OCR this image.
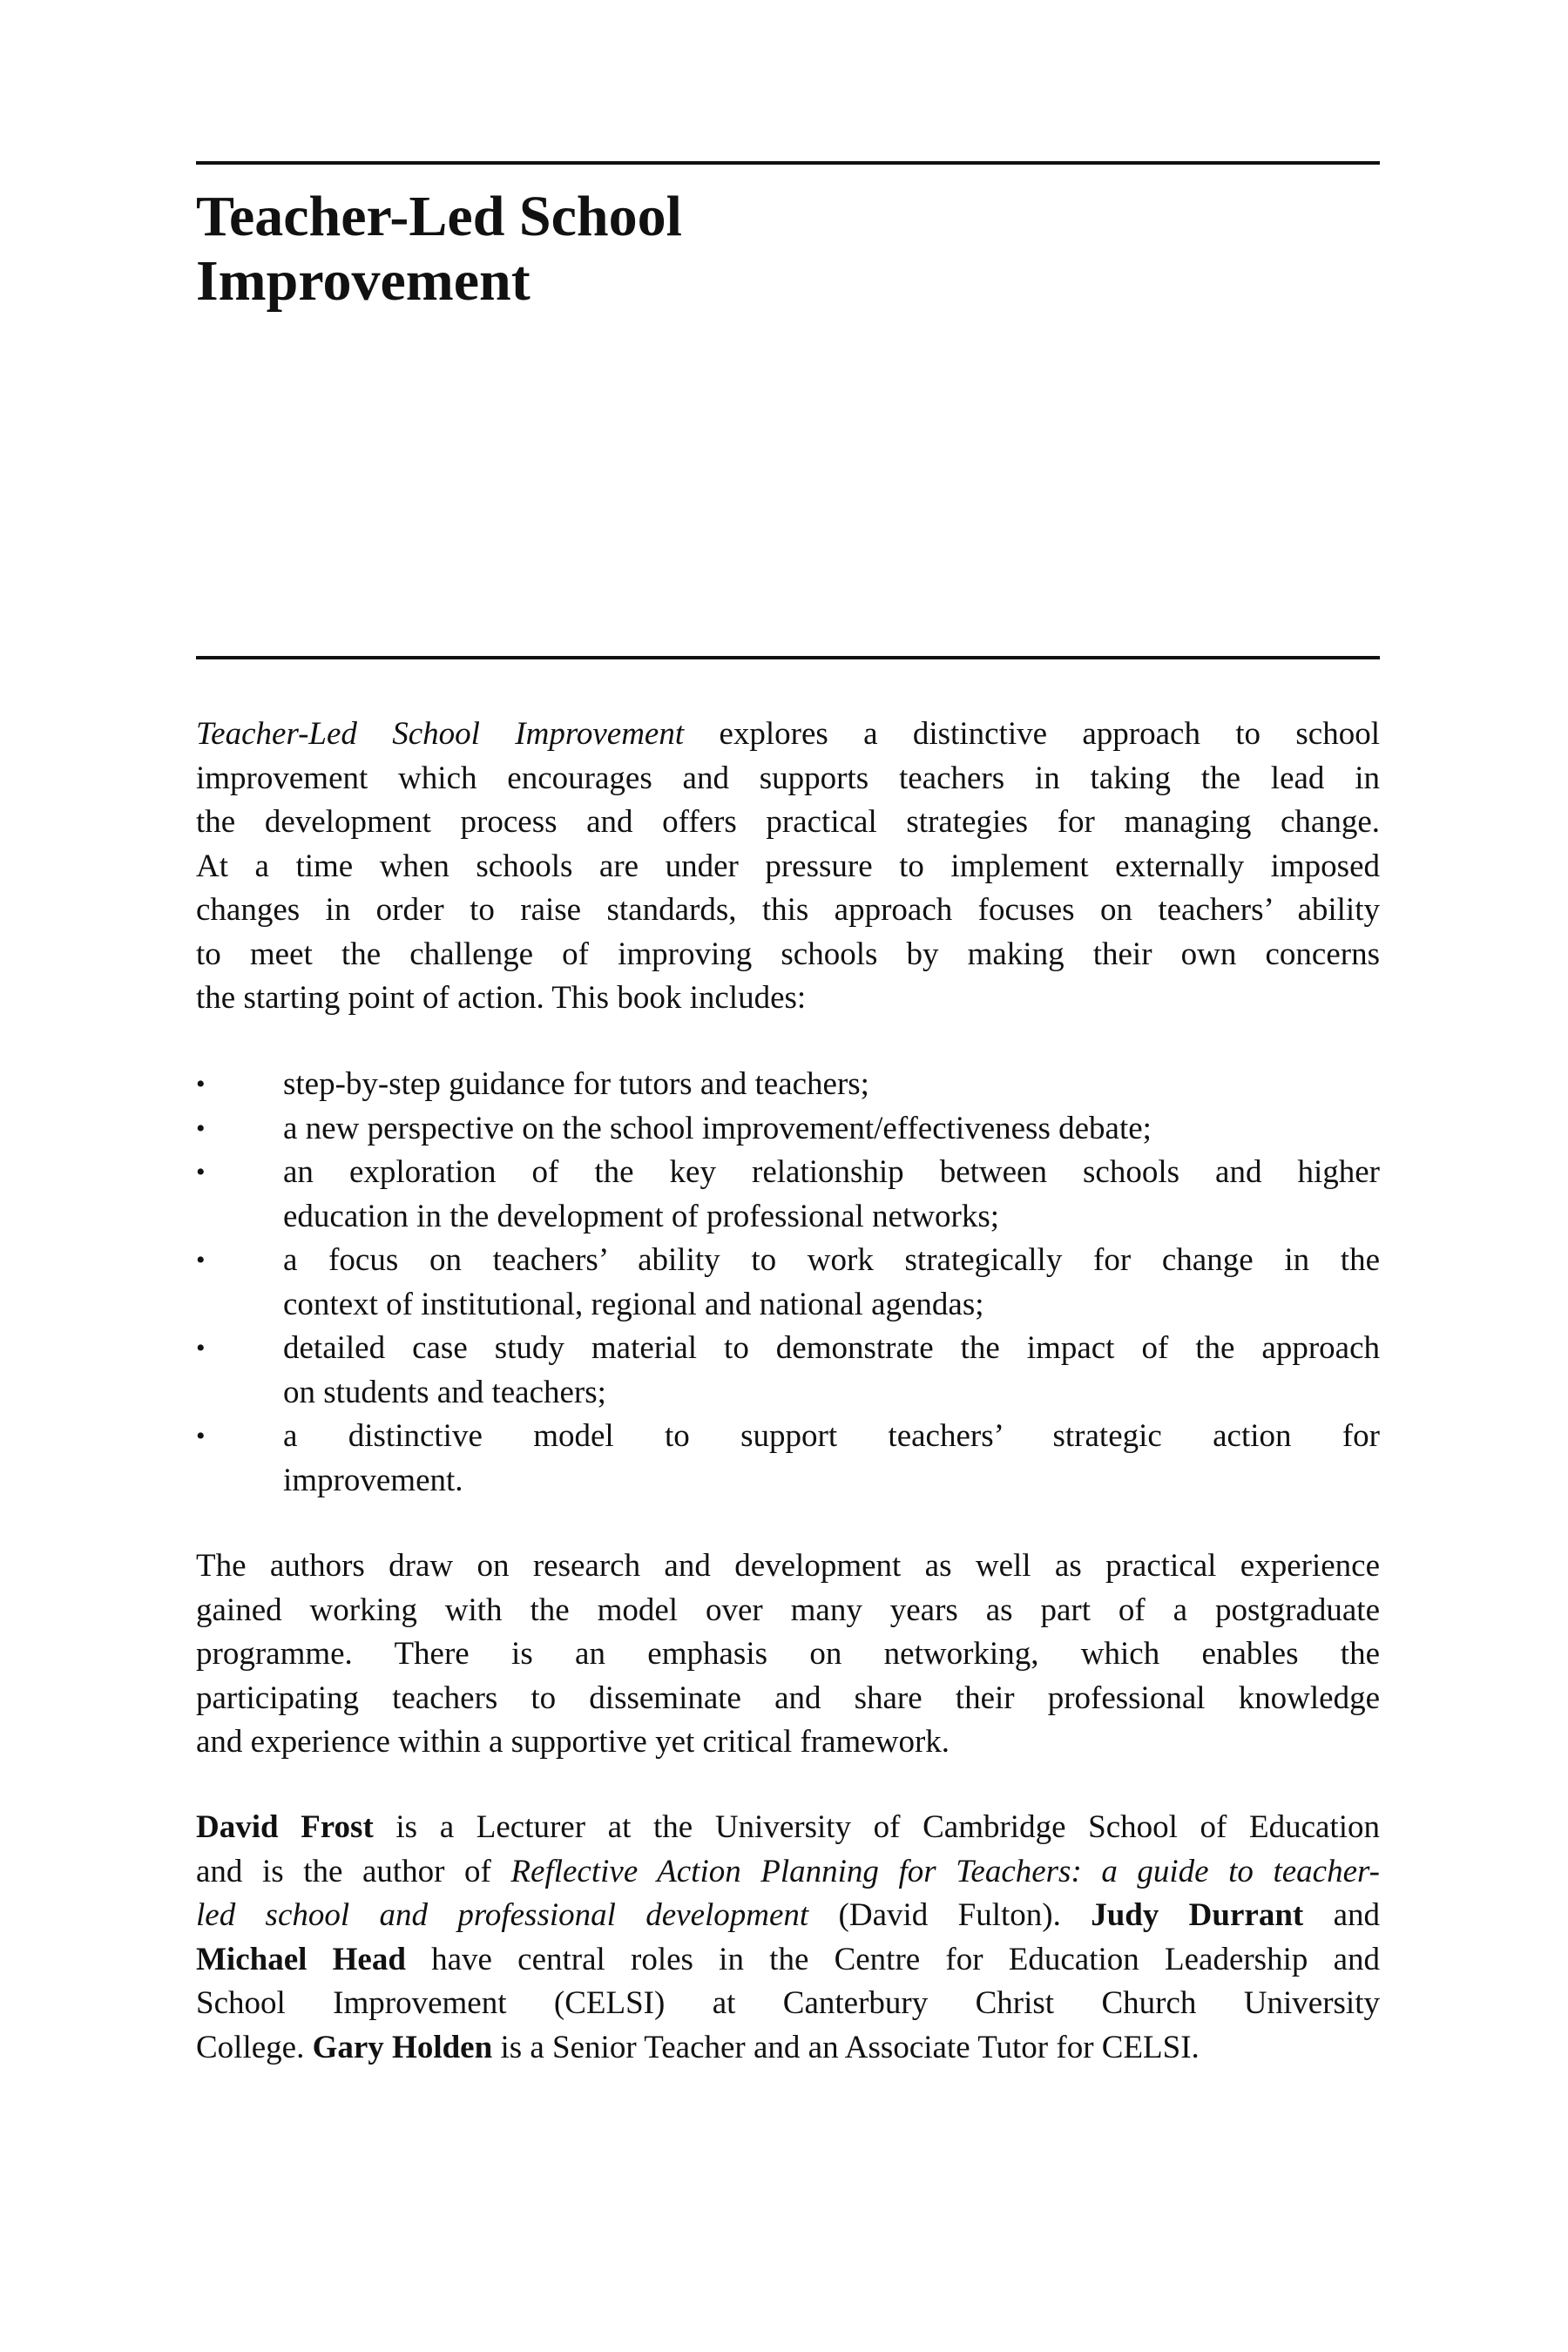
Teacher-Led School
Improvement
Teacher-Led School Improvement explores a distinctive approach to school
improvement which encourages and supports teachers in taking the lead in
the development process and offers practical strategies for managing change.
At a time when schools are under pressure to implement externally imposed
changes in order to raise standards, this approach focuses on teachers’ ability
to meet the challenge of improving schools by making their own concerns
the starting point of action. This book includes:
• step-by-step guidance for tutors and teachers;
• a new perspective on the school improvement/effectiveness debate;
• an exploration of the key relationship between schools and higher
education in the development of professional networks;
• a focus on teachers’ ability to work strategically for change in the
context of institutional, regional and national agendas;
• detailed case study material to demonstrate the impact of the approach
on students and teachers;
• a distinctive model to support teachers’ strategic action for
improvement.
The authors draw on research and development as well as practical experience
gained working with the model over many years as part of a postgraduate
programme. There is an emphasis on networking, which enables the
participating teachers to disseminate and share their professional knowledge
and experience within a supportive yet critical framework.
David Frost is a Lecturer at the University of Cambridge School of Education
and is the author of Reflective Action Planning for Teachers: a guide to teacher-
led school and professional development (David Fulton). Judy Durrant and
Michael Head have central roles in the Centre for Education Leadership and
School Improvement (CELSI) at Canterbury Christ Church University
College. Gary Holden is a Senior Teacher and an Associate Tutor for CELSI.
